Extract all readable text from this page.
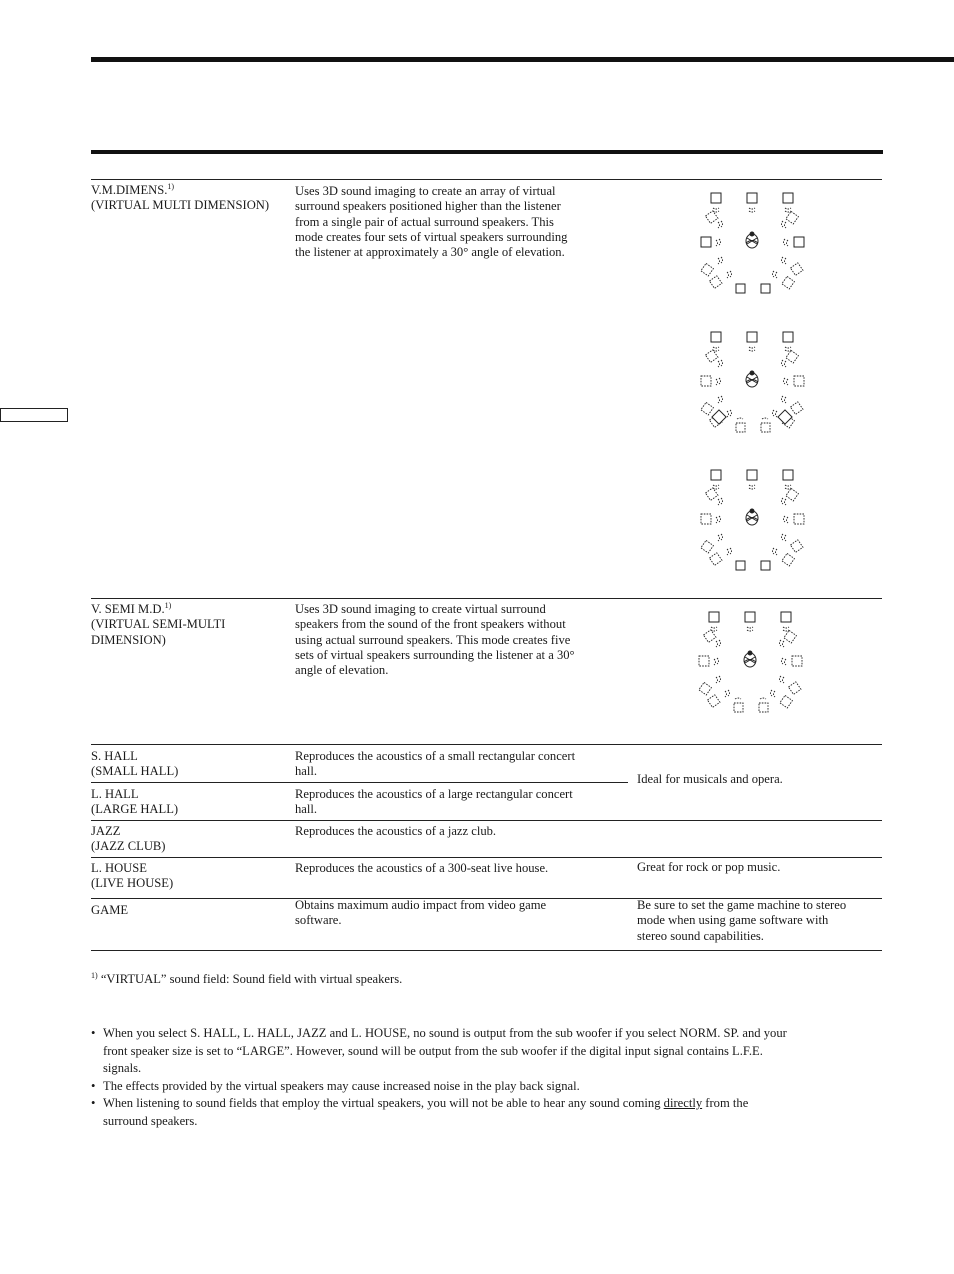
V.M.DIMENS.$^{1)}$
(VIRTUAL MULTI DIMENSION)
Uses 3D sound imaging to create an array of virtual
surround speakers positioned higher than the listener
from a single pair of actual surround speakers. This
mode creates four sets of virtual speakers surrounding
the listener at approximately a 30° angle of elevation.
V. SEMI M.D.$^{1)}$
(VIRTUAL SEMI-MULTI
DIMENSION)
Uses 3D sound imaging to create virtual surround
speakers from the sound of the front speakers without
using actual surround speakers. This mode creates five
sets of virtual speakers surrounding the listener at a 30°
angle of elevation.
S. HALL
(SMALL HALL)
Reproduces the acoustics of a small rectangular concert
hall.
L. HALL
(LARGE HALL)
Reproduces the acoustics of a large rectangular concert
hall.
Ideal for musicals and opera.
JAZZ
(JAZZ CLUB)
Reproduces the acoustics of a jazz club.
L. HOUSE
(LIVE HOUSE)
Reproduces the acoustics of a 300-seat live house.	Great for rock or pop music.
GAME	Obtains maximum audio impact from video game
software.
Be sure to set the game machine to stereo
mode when using game software with
stereo sound capabilities.
$^{1)}$ “VIRTUAL” sound field: Sound field with virtual speakers.
• When you select S. HALL, L. HALL, JAZZ and L. HOUSE, no sound is output from the sub woofer if you select NORM. SP. and your
front speaker size is set to “LARGE”. However, sound will be output from the sub woofer if the digital input signal contains L.F.E.
signals.
• The effects provided by the virtual speakers may cause increased noise in the play back signal.
• When listening to sound fields that employ the virtual speakers, you will not be able to hear any sound coming directly from the
surround speakers.
